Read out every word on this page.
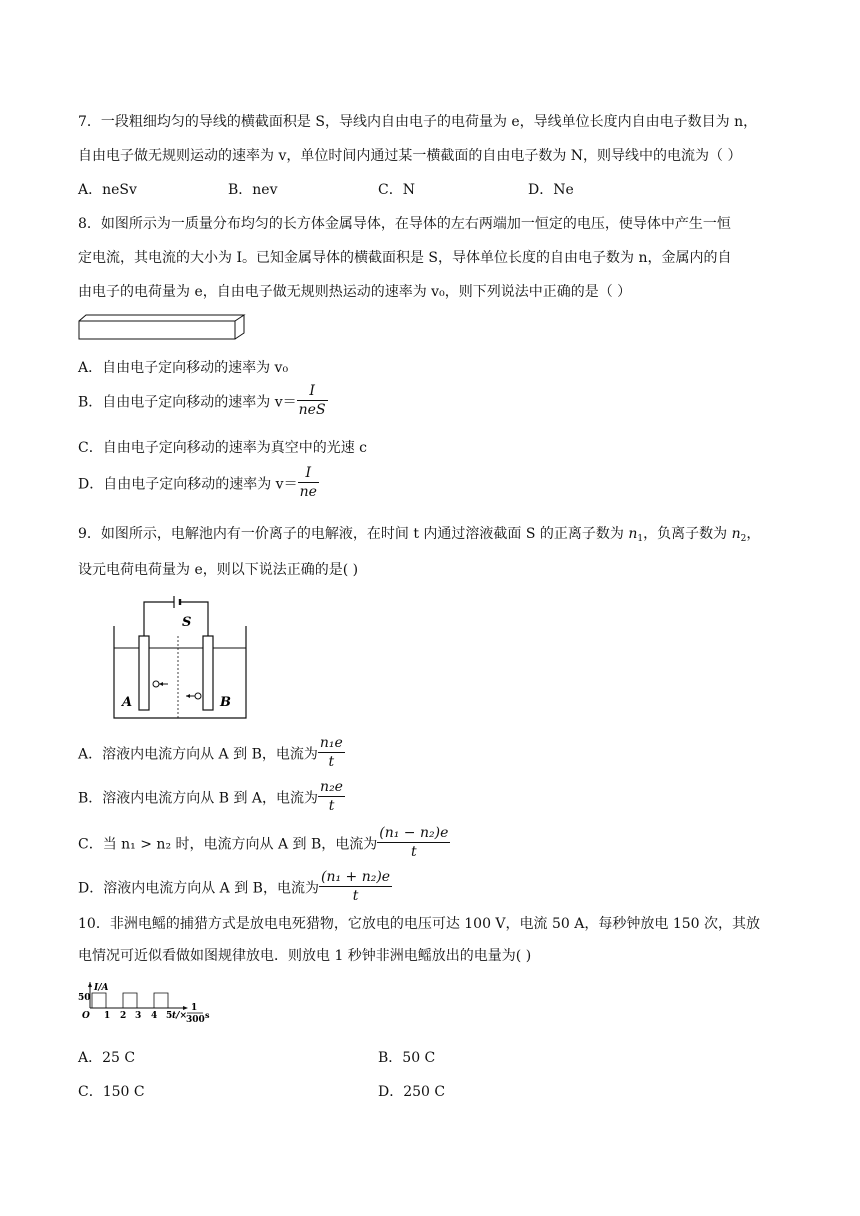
7．一段粗细均匀的导线的横截面积是 S，导线内自由电子的电荷量为 e，导线单位长度内自由电子数目为 n，
自由电子做无规则运动的速率为 v，单位时间内通过某一横截面的自由电子数为 N，则导线中的电流为（ ）
A．neSv	B．nev	C．N	D．Ne
8．如图所示为一质量分布均匀的长方体金属导体，在导体的左右两端加一恒定的电压，使导体中产生一恒
定电流，其电流的大小为 I。已知金属导体的横截面积是 S，导体单位长度的自由电子数为 n，金属内的自
由电子的电荷量为 e，自由电子做无规则热运动的速率为 v₀，则下列说法中正确的是（ ）
A．自由电子定向移动的速率为 v₀
B．自由电子定向移动的速率为 $v= \frac{I}{\text{neS}}$
C．自由电子定向移动的速率为真空中的光速 c
D．自由电子定向移动的速率为 $v= \frac{I}{ne}$
9．如图所示，电解池内有一价离子的电解液，在时间 t 内通过溶液截面 S 的正离子数为 $n_1$，负离子数为 $n_2$，
设元电荷电荷量为 e，则以下说法正确的是( )
S
A	B
A．溶液内电流方向从 A 到 B，电流为 $\frac{\text{n₁e}}{t}$
B．溶液内电流方向从 B 到 A，电流为 $\frac{\text{n₂e}}{t}$
C．当 n₁ > n₂ 时，电流方向从 A 到 B，电流为 $\frac{\text{(n₁ − n₂)e}}{t}$
D．溶液内电流方向从 A 到 B，电流为 $\frac{\text{(n₁ + n₂)e}}{t}$
10．非洲电鳐的捕猎方式是放电电死猎物，它放电的电压可达 100 V，电流 50 A，每秒钟放电 150 次，其放
电情况可近似看做如图规律放电．则放电 1 秒钟非洲电鳐放出的电量为( )
I/A
50
O 1 2 3 4 5 t/×
1
300 s
A．25 C	B．50 C
C．150 C	D．250 C
